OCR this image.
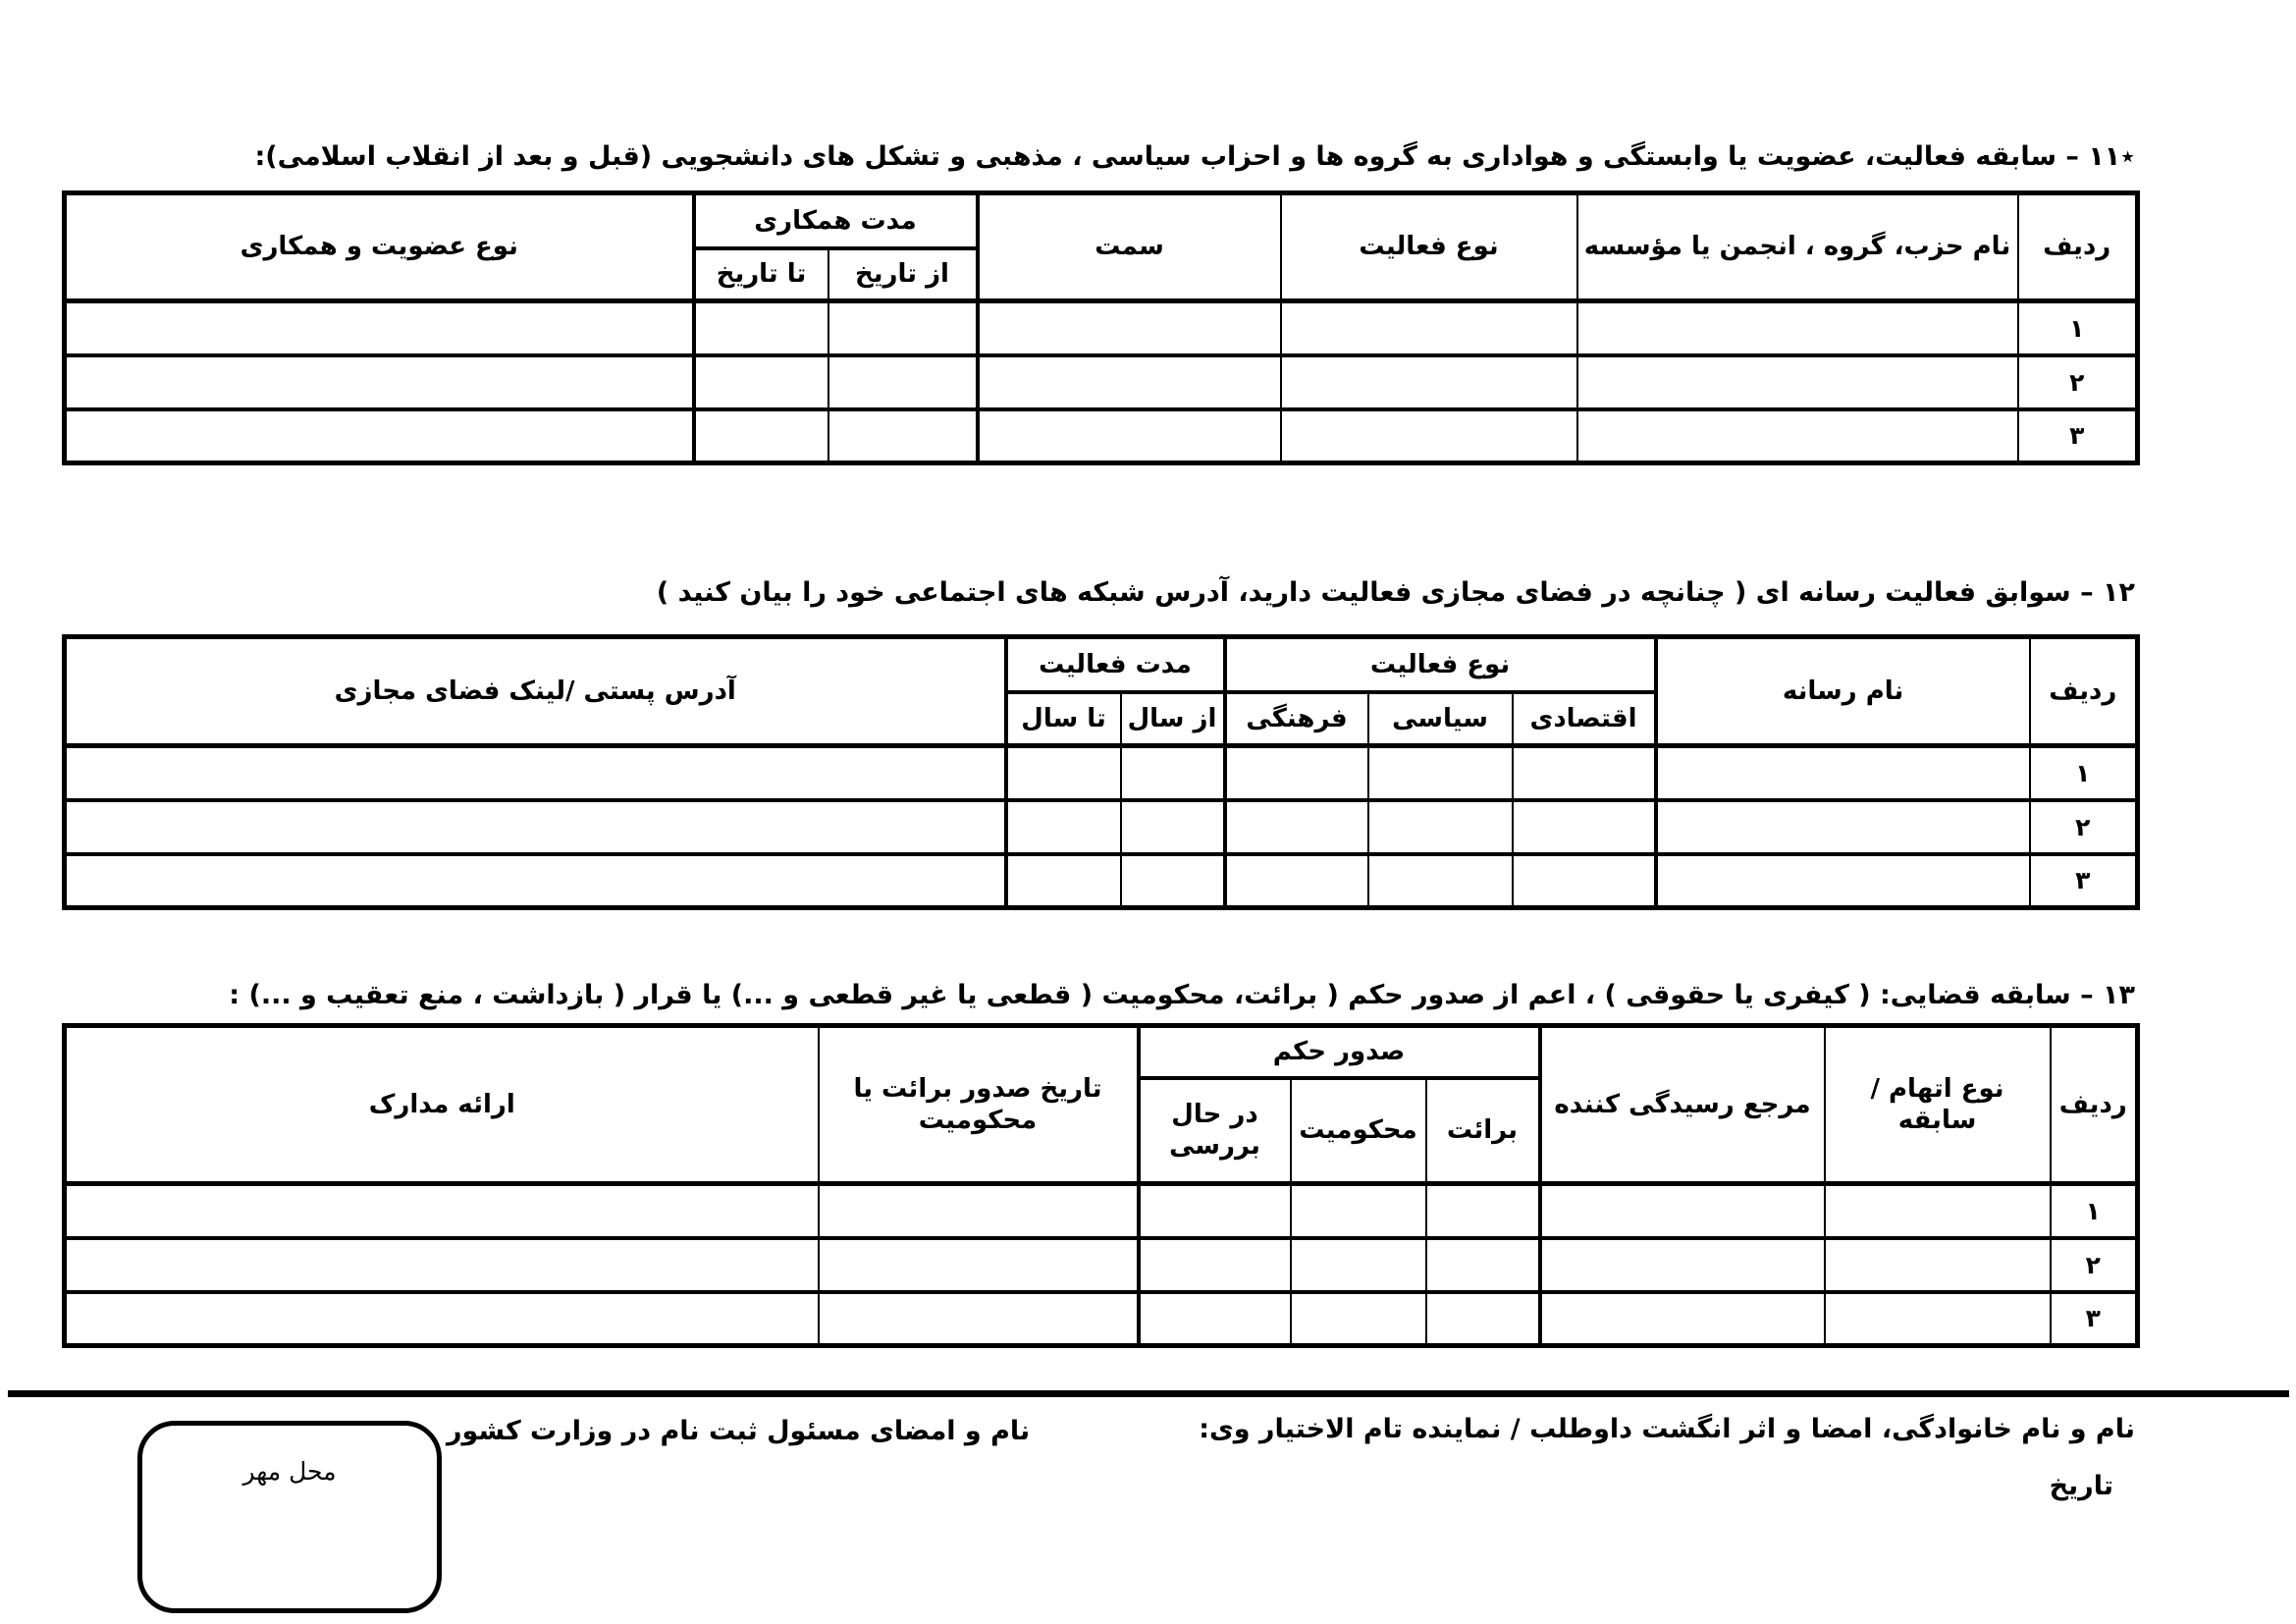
٭۱۱ – سابقه فعالیت، عضویت یا وابستگی و هواداری به گروه ها و احزاب سیاسی ، مذهبی و تشکل های دانشجویی (قبل و بعد از انقلاب اسلامی):
ردیف	نام حزب، گروه ، انجمن یا مؤسسه	نوع فعالیت	سمت	مدت همکاری		نوع عضویت و همکاری
				از تاریخ	تا تاریخ	
۱						
۲						
۳						
۱۲ – سوابق فعالیت رسانه ای ( چنانچه در فضای مجازی فعالیت دارید، آدرس شبکه های اجتماعی خود را بیان کنید )
ردیف	نام رسانه	نوع فعالیت			مدت فعالیت		آدرس پستی /لینک فضای مجازی
		اقتصادی	سیاسی	فرهنگی	از سال	تا سال	
۱							
۲							
۳							
۱۳ – سابقه قضایی: ( کیفری یا حقوقی ) ، اعم از صدور حکم ( برائت، محکومیت ( قطعی یا غیر قطعی و ...) یا قرار ( بازداشت ، منع تعقیب و ...) :
ردیف	نوع اتهام / سابقه	مرجع رسیدگی کننده	صدور حکم			تاریخ صدور برائت یا محکومیت	ارائه مدارک
			برائت	محکومیت	در حال بررسی		
۱							
۲							
۳							
نام و نام خانوادگی، امضا و اثر انگشت داوطلب / نماینده تام الاختیار وی:
تاریخ
نام و امضای مسئول ثبت نام در وزارت کشور
محل مهر
